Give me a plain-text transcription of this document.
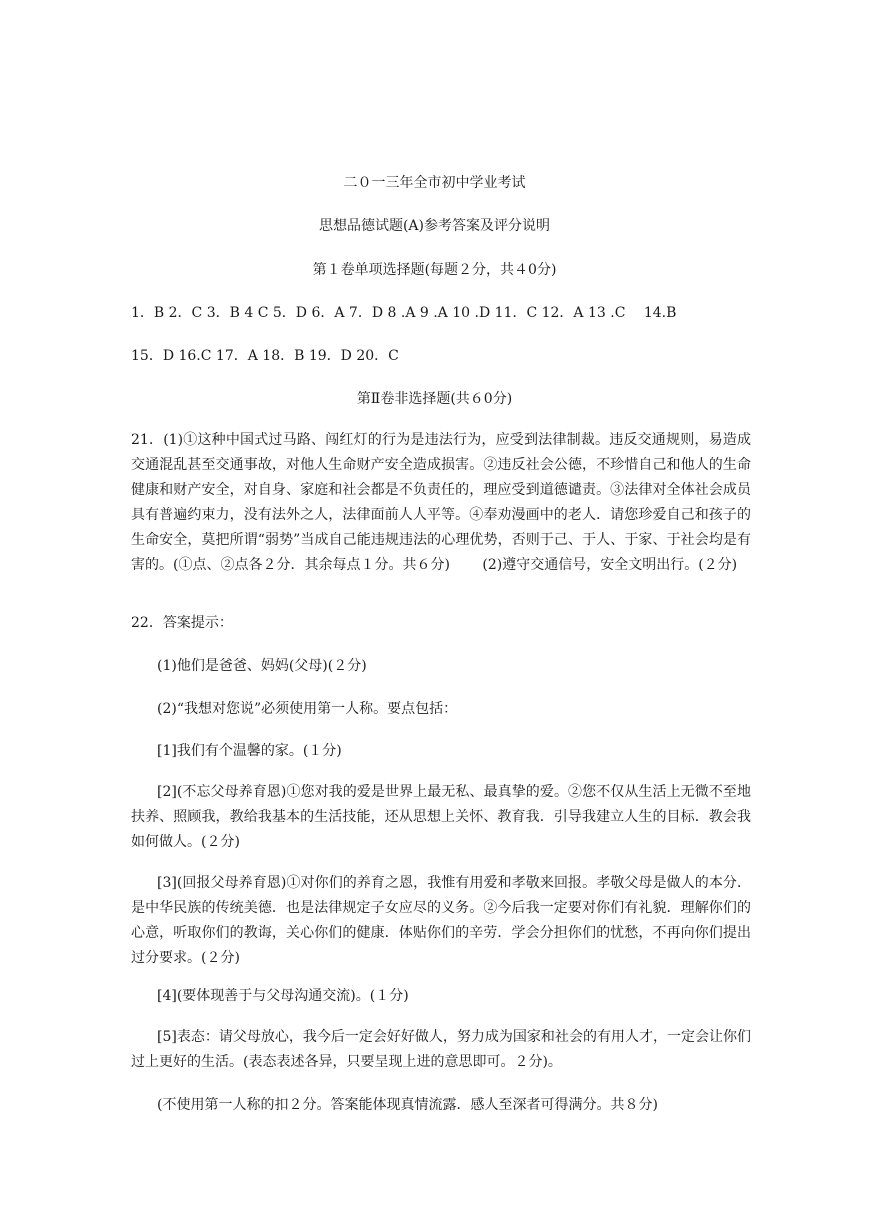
二０一三年全市初中学业考试
思想品德试题(A)参考答案及评分说明
第１卷单项选择题(每题２分，共４0分)
1．B 2．C 3．B 4 C 5．D 6．A 7．D 8 .A 9 .A 10 .D 11．C 12．A 13 .C　 14.B
15．D 16.C 17．A 18．B 19．D 20．C
第Ⅱ卷非选择题(共６0分)
21．(1)①这种中国式过马路、闯红灯的行为是违法行为，应受到法律制裁。违反交通规则，易造成交通混乱甚至交通事故，对他人生命财产安全造成损害。②违反社会公德，不珍惜自己和他人的生命健康和财产安全，对自身、家庭和社会都是不负责任的，理应受到道德谴责。③法律对全体社会成员具有普遍约束力，没有法外之人，法律面前人人平等。④奉劝漫画中的老人．请您珍爱自己和孩子的生命安全，莫把所谓“弱势”当成自己能违规违法的心理优势，否则于己、于人、于家、于社会均是有害的。(①点、②点各２分．其余每点１分。共６分)　　 (2)遵守交通信号，安全文明出行。(２分)
22．答案提示：
(1)他们是爸爸、妈妈(父母)(２分)
(2)“我想对您说”必须使用第一人称。要点包括：
[1]我们有个温馨的家。(１分)
[2](不忘父母养育恩)①您对我的爱是世界上最无私、最真挚的爱。②您不仅从生活上无微不至地扶养、照顾我，教给我基本的生活技能，还从思想上关怀、教育我．引导我建立人生的目标．教会我如何做人。(２分)
[3](回报父母养育恩)①对你们的养育之恩，我惟有用爱和孝敬来回报。孝敬父母是做人的本分．是中华民族的传统美德．也是法律规定子女应尽的义务。②今后我一定要对你们有礼貌．理解你们的心意，听取你们的教诲，关心你们的健康．体贴你们的辛劳．学会分担你们的忧愁，不再向你们提出过分要求。(２分)
[4](要体现善于与父母沟通交流)。(１分)
[5]表态：请父母放心，我今后一定会好好做人，努力成为国家和社会的有用人才，一定会让你们过上更好的生活。(表态表述各异，只要呈现上进的意思即可。２分)。
(不使用第一人称的扣２分。答案能体现真情流露．感人至深者可得满分。共８分)
